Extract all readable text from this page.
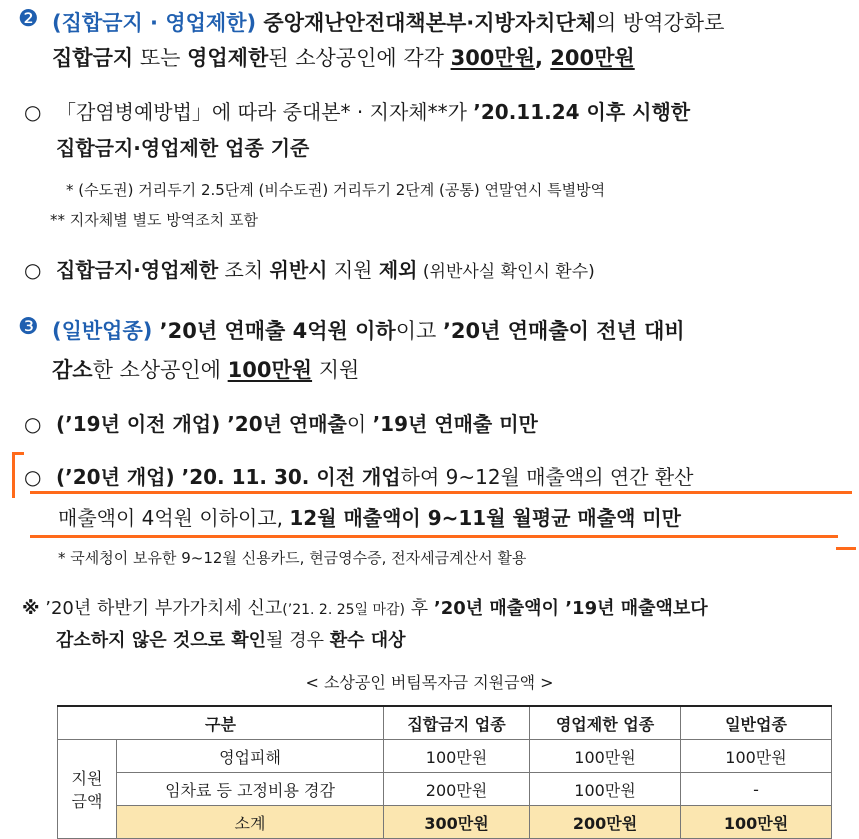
❷ (집합금지 · 영업제한) 중앙재난안전대책본부·지방자치단체의 방역강화로
집합금지 또는 영업제한된 소상공인에 각각 300만원, 200만원
○ 「감염병예방법」에 따라 중대본* · 지자체**가 ’20.11.24 이후 시행한
집합금지·영업제한 업종 기준
* (수도권) 거리두기 2.5단계 (비수도권) 거리두기 2단계 (공통) 연말연시 특별방역
** 지자체별 별도 방역조치 포함
○ 집합금지·영업제한 조치 위반시 지원 제외 (위반사실 확인시 환수)
❸ (일반업종) ’20년 연매출 4억원 이하이고 ’20년 연매출이 전년 대비
감소한 소상공인에 100만원 지원
○ (’19년 이전 개업) ’20년 연매출이 ’19년 연매출 미만
○ (’20년 개업) ’20. 11. 30. 이전 개업하여 9~12월 매출액의 연간 환산
매출액이 4억원 이하이고, 12월 매출액이 9~11월 월평균 매출액 미만
* 국세청이 보유한 9~12월 신용카드, 현금영수증, 전자세금계산서 활용
※ ’20년 하반기 부가가치세 신고(’21. 2. 25일 마감) 후 ’20년 매출액이 ’19년 매출액보다
감소하지 않은 것으로 확인될 경우 환수 대상
< 소상공인 버팀목자금 지원금액 >
구분		집합금지 업종	영업제한 업종	일반업종
지원
금액	영업피해	100만원	100만원	100만원
	임차료 등 고정비용 경감	200만원	100만원	-
	소계	300만원	200만원	100만원
